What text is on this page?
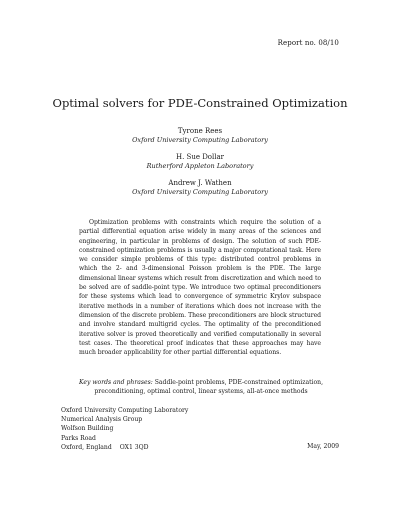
Report no. 08/10
Optimal solvers for PDE-Constrained Optimization
Tyrone Rees
Oxford University Computing Laboratory
H. Sue Dollar
Rutherford Appleton Laboratory
Andrew J. Wathen
Oxford University Computing Laboratory

Optimization problems with constraints which require the solution of a partial differential equation arise widely in many areas of the sciences and engineering, in particular in problems of design. The solution of such PDE-constrained optimization problems is usually a major computational task. Here we consider simple problems of this type: distributed control problems in which the 2- and 3-dimensional Poisson problem is the PDE. The large dimensional linear systems which result from discretization and which need to be solved are of saddle-point type. We introduce two optimal preconditioners for these systems which lead to convergence of symmetric Krylov subspace iterative methods in a number of iterations which does not increase with the dimension of the discrete problem. These preconditioners are block structured and involve standard multigrid cycles. The optimality of the preconditioned iterative solver is proved theoretically and verified computationally in several test cases. The theoretical proof indicates that these approaches may have much broader applicability for other partial differential equations.

Key words and phrases: Saddle-point problems, PDE-constrained optimization, preconditioning, optimal control, linear systems, all-at-once methods

Oxford University Computing Laboratory
Numerical Analysis Group
Wolfson Building
Parks Road
Oxford, England OX1 3QD	May, 2009
